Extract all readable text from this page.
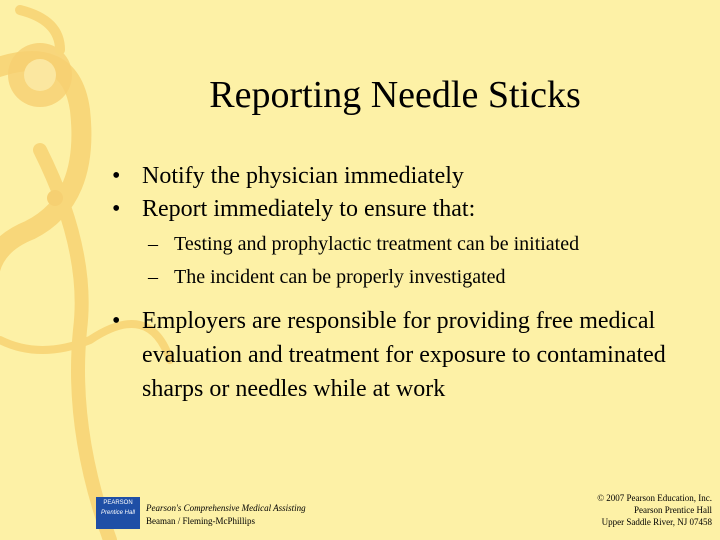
Reporting Needle Sticks
• Notify the physician immediately
• Report immediately to ensure that:
– Testing and prophylactic treatment can be initiated
– The incident can be properly investigated
• Employers are responsible for providing free medical evaluation and treatment for exposure to contaminated sharps or needles while at work
PEARSON
Prentice Hall	Pearson's Comprehensive Medical Assisting
Beaman / Fleming-McPhillips
© 2007 Pearson Education, Inc.
Pearson Prentice Hall
Upper Saddle River, NJ 07458
